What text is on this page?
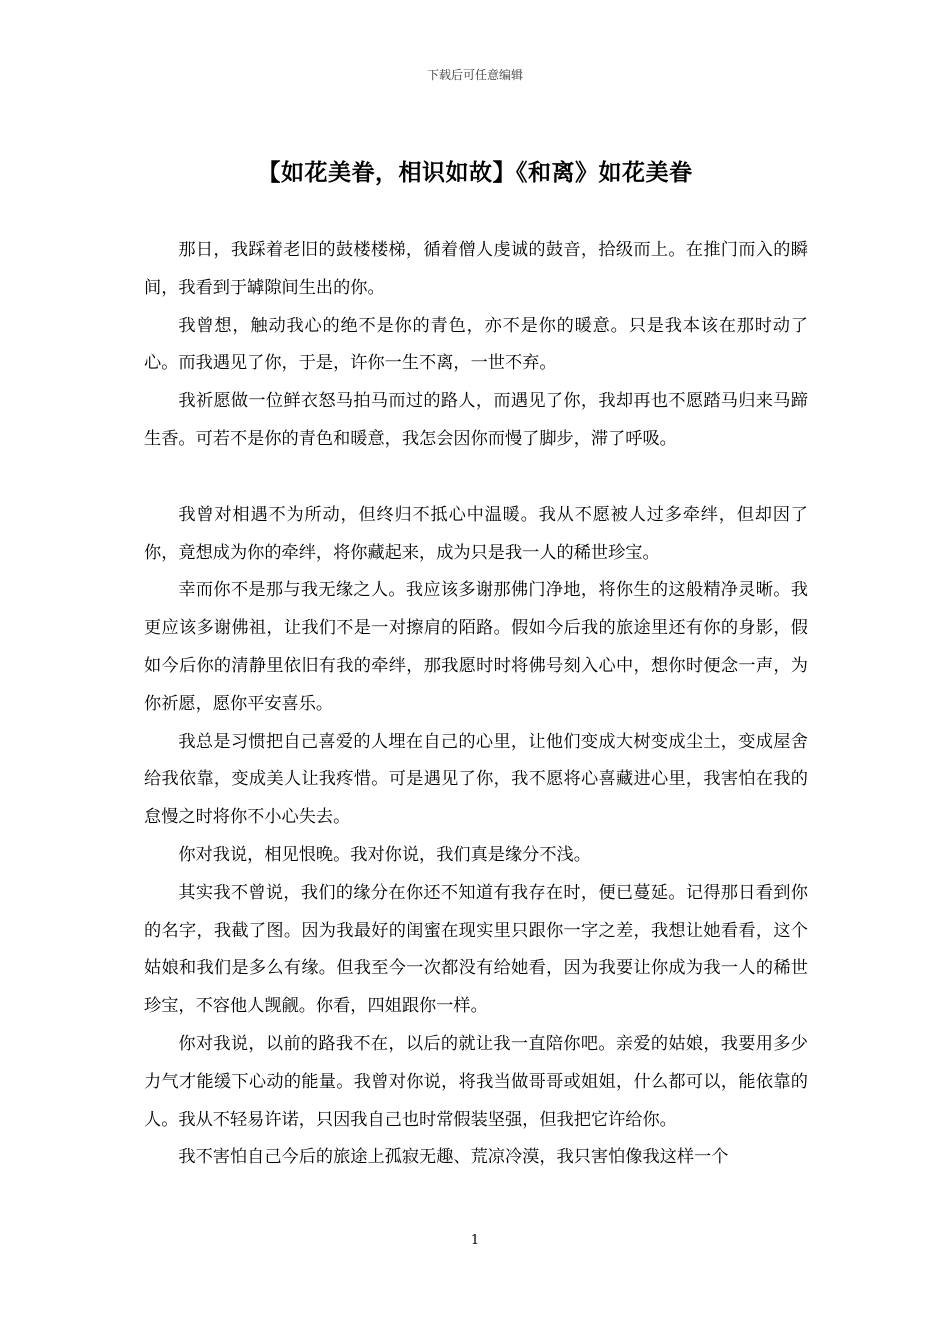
下载后可任意编辑
【如花美眷，相识如故】《和离》如花美眷

那日，我踩着老旧的鼓楼楼梯，循着僧人虔诚的鼓音，拾级而上。在推门而入的瞬间，我看到于罅隙间生出的你。

我曾想，触动我心的绝不是你的青色，亦不是你的暖意。只是我本该在那时动了心。而我遇见了你，于是，许你一生不离，一世不弃。

我祈愿做一位鲜衣怒马拍马而过的路人，而遇见了你，我却再也不愿踏马归来马蹄生香。可若不是你的青色和暖意，我怎会因你而慢了脚步，滞了呼吸。

我曾对相遇不为所动，但终归不抵心中温暖。我从不愿被人过多牵绊，但却因了你，竟想成为你的牵绊，将你藏起来，成为只是我一人的稀世珍宝。

幸而你不是那与我无缘之人。我应该多谢那佛门净地，将你生的这般精净灵晰。我更应该多谢佛祖，让我们不是一对擦肩的陌路。假如今后我的旅途里还有你的身影，假如今后你的清静里依旧有我的牵绊，那我愿时时将佛号刻入心中，想你时便念一声，为你祈愿，愿你平安喜乐。

我总是习惯把自己喜爱的人埋在自己的心里，让他们变成大树变成尘土，变成屋舍给我依靠，变成美人让我疼惜。可是遇见了你，我不愿将心喜藏进心里，我害怕在我的怠慢之时将你不小心失去。

你对我说，相见恨晚。我对你说，我们真是缘分不浅。

其实我不曾说，我们的缘分在你还不知道有我存在时，便已蔓延。记得那日看到你的名字，我截了图。因为我最好的闺蜜在现实里只跟你一字之差，我想让她看看，这个姑娘和我们是多么有缘。但我至今一次都没有给她看，因为我要让你成为我一人的稀世珍宝，不容他人觊觎。你看，四姐跟你一样。

你对我说，以前的路我不在，以后的就让我一直陪你吧。亲爱的姑娘，我要用多少力气才能缓下心动的能量。我曾对你说，将我当做哥哥或姐姐，什么都可以，能依靠的人。我从不轻易许诺，只因我自己也时常假装坚强，但我把它许给你。

我不害怕自己今后的旅途上孤寂无趣、荒凉冷漠，我只害怕像我这样一个

1
